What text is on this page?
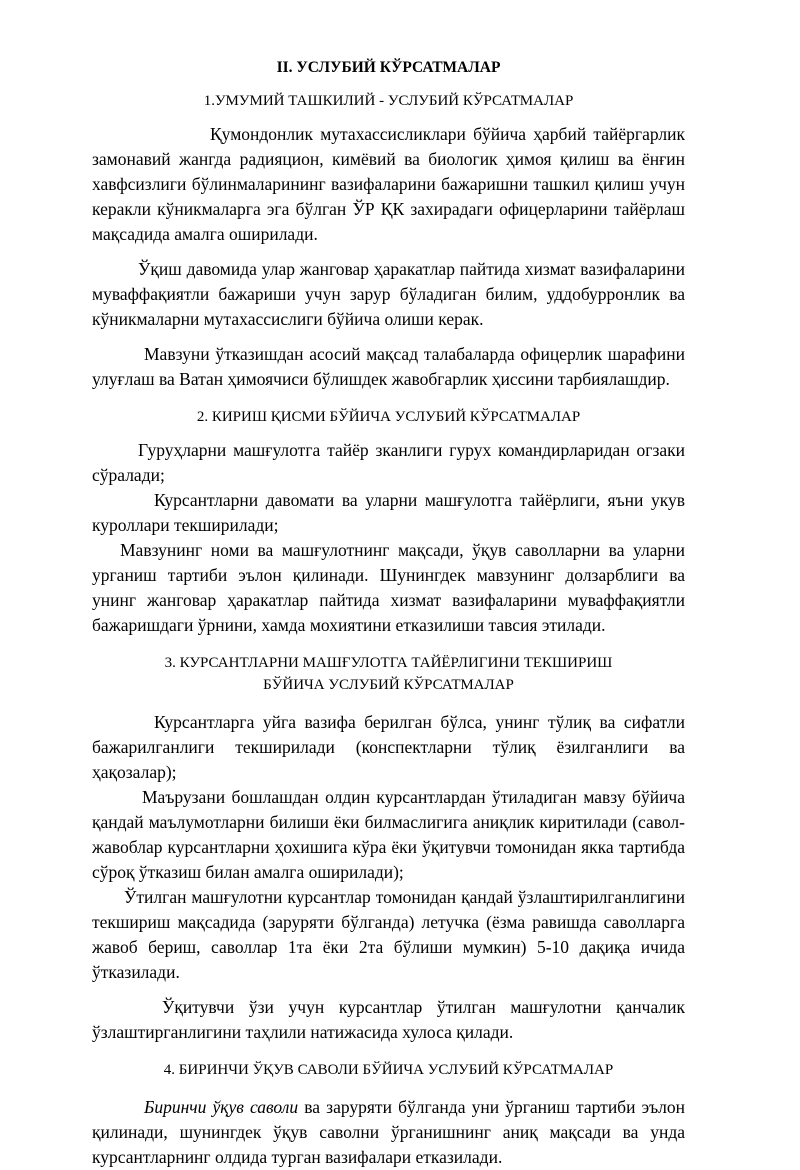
II. УСЛУБИЙ КЎРСАТМАЛАР

1.УМУМИЙ ТАШКИЛИЙ - УСЛУБИЙ КЎРСАТМАЛАР

Қумондонлик мутахассисликлари бўйича ҳарбий тайёргарлик замонавий жангда радияцион, кимёвий ва биологик ҳимоя қилиш ва ёнғин хавфсизлиги бўлинмаларининг вазифаларини бажаришни ташкил қилиш учун керакли кўникмаларга эга бўлган ЎР ҚК захирадаги офицерларини тайёрлаш мақсадида амалга оширилади.

Ўқиш давомида улар жанговар ҳаракатлар пайтида хизмат вазифаларини муваффақиятли бажариши учун зарур бўладиган билим, уддобуррoнлик ва кўникмаларни мутахассислиги бўйича олиши керак.

Мавзуни ўтказишдан асосий мақсад талабаларда офицерлик шарафини улуғлаш ва Ватан ҳимоячиси бўлишдек жавобгарлик ҳиссини тарбиялашдир.

2. КИРИШ ҚИСМИ БЎЙИЧА УСЛУБИЙ КЎРСАТМАЛАР

Гуруҳларни машғулотга тайёр зканлиги гурух командирларидан огзаки сўралади;

Курсантларни давомати ва уларни машғулотга тайёрлиги, яъни укув куроллари текширилади;

Мавзунинг номи ва машғулотнинг мақсади, ўқув саволларни ва уларни урганиш тартиби эълон қилинади. Шунингдек мавзунинг долзарблиги ва унинг жанговар ҳаракатлар пайтида хизмат вазифаларини муваффақиятли бажаришдаги ўрнини, хамда мохиятини етказилиши тавсия этилади.

3. КУРСАНТЛАРНИ МАШҒУЛОТГА ТАЙЁРЛИГИНИ ТЕКШИРИШ

БЎЙИЧА УСЛУБИЙ КЎРСАТМАЛАР

Курсантларга уйга вазифа берилган бўлса, унинг тўлиқ ва сифатли бажарилганлиги текширилади (конспектларни тўлиқ ёзилганлиги ва ҳақозалар);

Маърузани бошлашдан олдин курсантлардан ўтиладиган мавзу бўйича қандай маълумотларни билиши ёки билмаслигига аниқлик киритилади (савол- жавоблар курсантларни ҳохишига кўра ёки ўқитувчи томонидан якка тартибда сўроқ ўтказиш билан амалга оширилади);

Ўтилган машғулотни курсантлар томонидан қандай ўзлаштирилганлигини текшириш мақсадида (заруряти бўлганда) летучка (ёзма равишда саволларга жавоб бериш, саволлар 1та ёки 2та бўлиши мумкин) 5-10 дақиқа ичида ўтказилади.

Ўқитувчи ўзи учун курсантлар ўтилган машғулотни қанчалик ўзлаштирганлигини таҳлили натижасида хулоса қилади.

4. БИРИНЧИ ЎҚУВ САВОЛИ БЎЙИЧА УСЛУБИЙ КЎРСАТМАЛАР

Биринчи ўқув саволи ва заруряти бўлганда уни ўрганиш тартиби эълон қилинади, шунингдек ўқув саволни ўрганишнинг аниқ мақсади ва унда курсантларнинг олдида турган вазифалари етказилади.
